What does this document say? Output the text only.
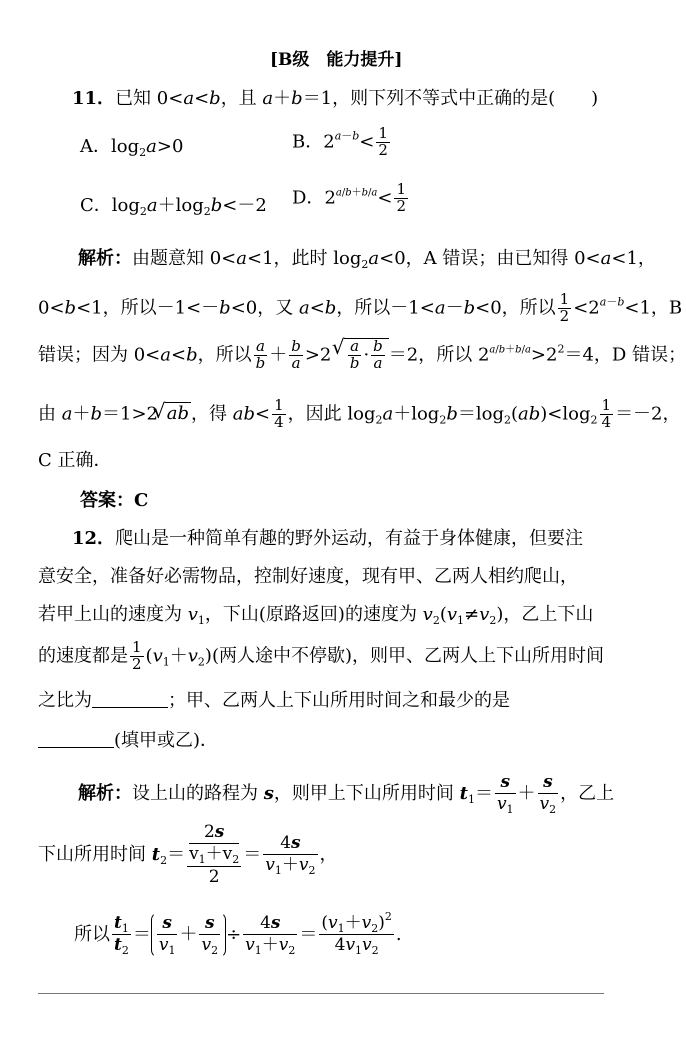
[B级　能力提升]
11．已知 0<a<b，且 a＋b＝1，则下列不等式中正确的是(　　)
A．$\log_2a>0$	B．$2^{a-b}< \frac{1}{2}$
C．$\log_2a+\log_2b<-2$ D．$2^{a/b+b/a}< \frac{1}{2}$
解析：由题意知 0<a<1，此时 $\log_2a<0$，A 错误；由已知得 0<a<1，
0<b<1，所以－1<－b<0，又 a<b，所以－1<a－b<0，所以 $\frac{1}{2} <2^{a-b}<1$，B
错误；因为 0<a<b，所以 $\frac{a}{b} + \frac{b}{a} >2$
√ $\frac{a}{b} \cdot \frac{b}{a} =2$，所以 $2^{a/b+b/a}>2^2=4$，D 错误；
由 a＋b＝1>2 √ ab ，得 $ab< \frac{1}{4}$ ，因此 $\log_2a+\log_2b=\log_2(ab)<\log_2 \frac{1}{4} =-2$，
C 正确．
答案：C
12．爬山是一种简单有趣的野外运动，有益于身体健康，但要注
意安全，准备好必需物品，控制好速度，现有甲、乙两人相约爬山，
若甲上山的速度为 $v_1$，下山(原路返回)的速度为 $v_2(v_1\ne v_2)$，乙上下山
的速度都是 $\frac{1}{2} (v_1+v_2)$(两人途中不停歇)，则甲、乙两人上下山所用时间
之比为	；甲、乙两人上下山所用时间之和最少的是
(填甲或乙)．
解析：设上山的路程为 s，则甲上下山所用时间 $t_1= \frac{s}{v_1} + \frac{s}{v_2}$ ，乙上
下山所用时间 $t_2=$
2s

$v_1+v_2$
2
＝ $\frac{4s}{v_1+v_2}$ ，
所以 $\frac{t_1}{t_2} = \frac{s}{v_1} + \frac{s}{v_2} \div \frac{4s}{v_1+v_2} = \frac{(v_1+v_2)^2}{4v_1v_2}$ .
